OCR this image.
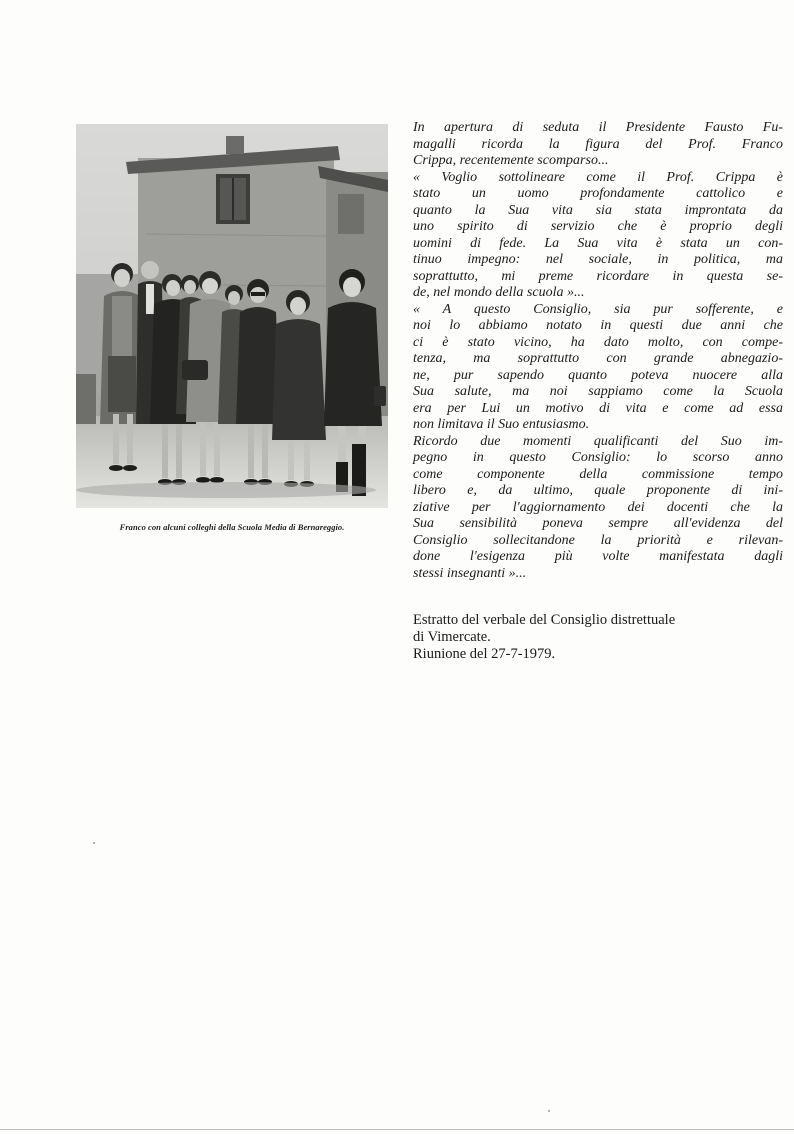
Franco con alcuni colleghi della Scuola Media di Bernareggio.

In apertura di seduta il Presidente Fausto Fu-
magalli ricorda la figura del Prof. Franco
Crippa, recentemente scomparso...

« Voglio sottolineare come il Prof. Crippa è
stato un uomo profondamente cattolico e
quanto la Sua vita sia stata improntata da
uno spirito di servizio che è proprio degli
uomini di fede. La Sua vita è stata un con-
tinuo impegno: nel sociale, in politica, ma
soprattutto, mi preme ricordare in questa se-
de, nel mondo della scuola »...

« A questo Consiglio, sia pur sofferente, e
noi lo abbiamo notato in questi due anni che
ci è stato vicino, ha dato molto, con compe-
tenza, ma soprattutto con grande abnegazio-
ne, pur sapendo quanto poteva nuocere alla
Sua salute, ma noi sappiamo come la Scuola
era per Lui un motivo di vita e come ad essa
non limitava il Suo entusiasmo.

Ricordo due momenti qualificanti del Suo im-
pegno in questo Consiglio: lo scorso anno
come componente della commissione tempo
libero e, da ultimo, quale proponente di ini-
ziative per l'aggiornamento dei docenti che la
Sua sensibilità poneva sempre all'evidenza del
Consiglio sollecitandone la priorità e rilevan-
done l'esigenza più volte manifestata dagli
stessi insegnanti »...

Estratto del verbale del Consiglio distrettuale
di Vimercate.
Riunione del 27-7-1979.
